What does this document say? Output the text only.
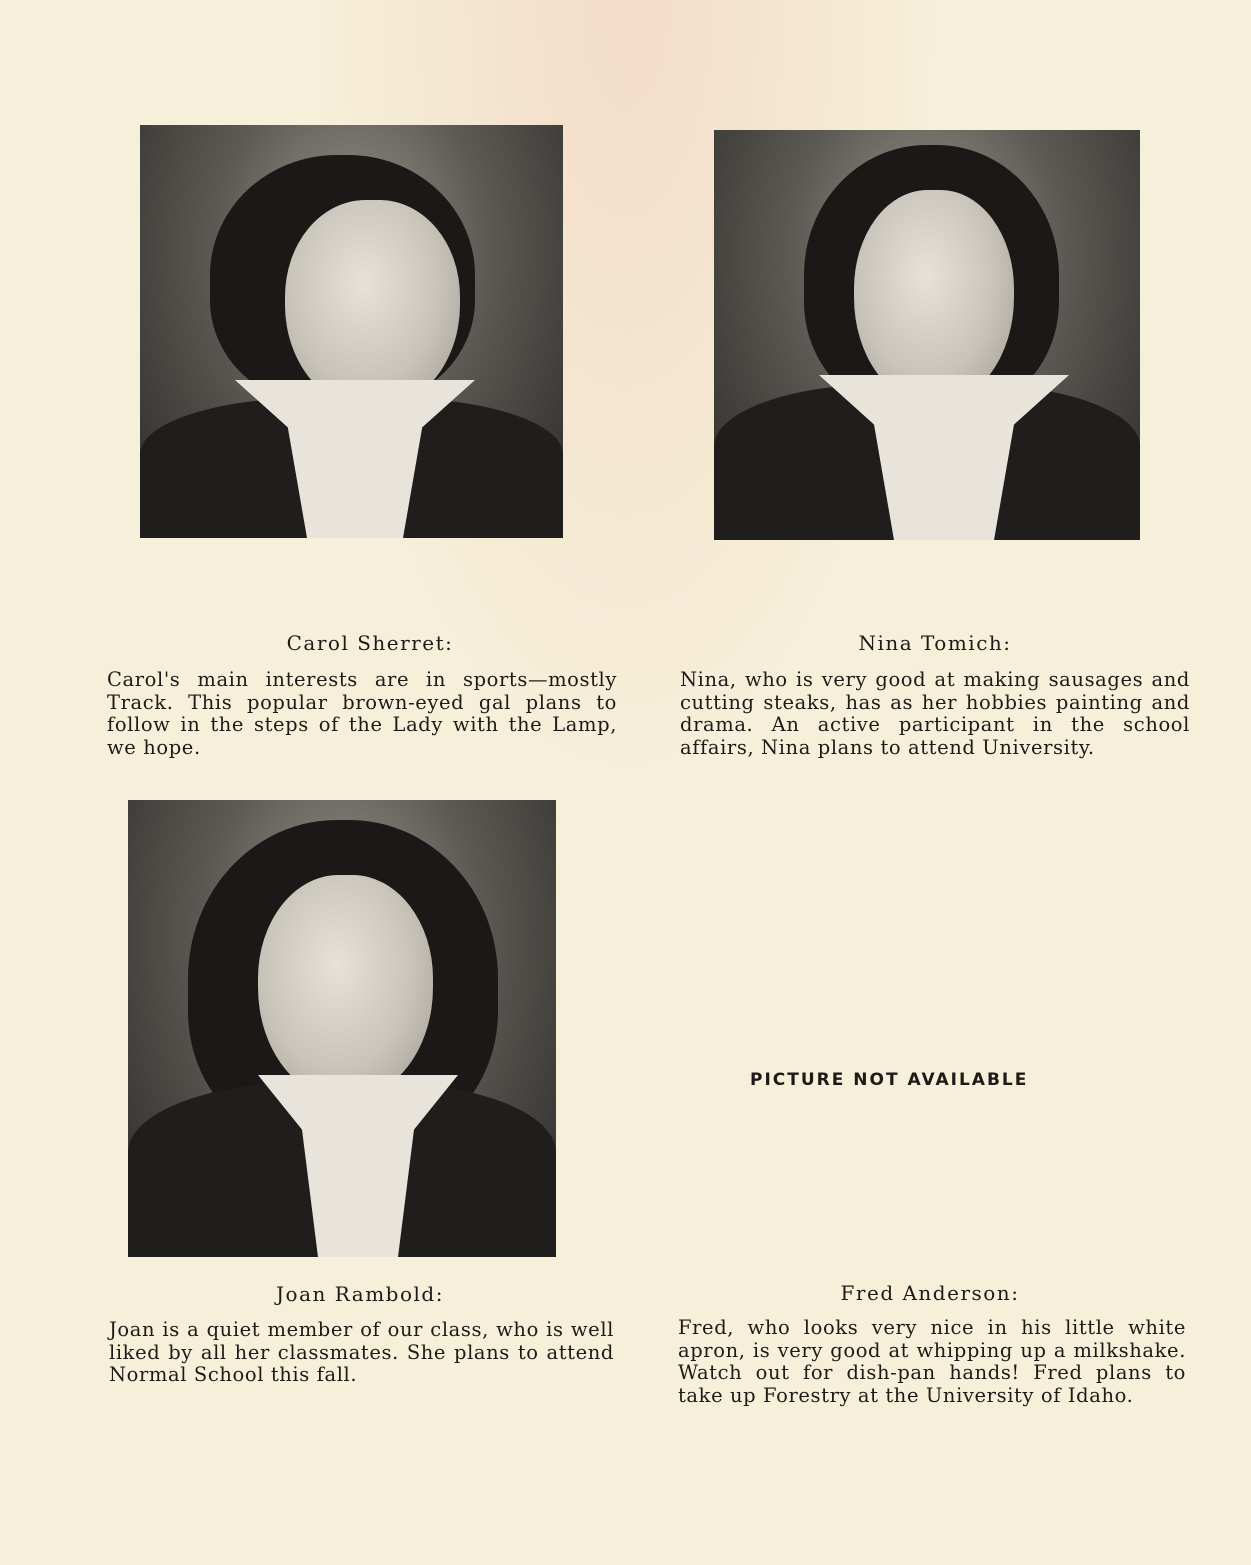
Carol Sherret:	Nina Tomich:
Joan Rambold:	Fred Anderson:

Carol's main interests are in sports—mostly Track. This popular brown-eyed gal plans to follow in the steps of the Lady with the Lamp, we hope.

Nina, who is very good at making sausages and cutting steaks, has as her hobbies painting and drama. An active participant in the school affairs, Nina plans to attend University.

Joan is a quiet member of our class, who is well liked by all her classmates. She plans to attend Normal School this fall.

Fred, who looks very nice in his little white apron, is very good at whipping up a milkshake. Watch out for dish-pan hands! Fred plans to take up Forestry at the University of Idaho.

PICTURE NOT AVAILABLE
